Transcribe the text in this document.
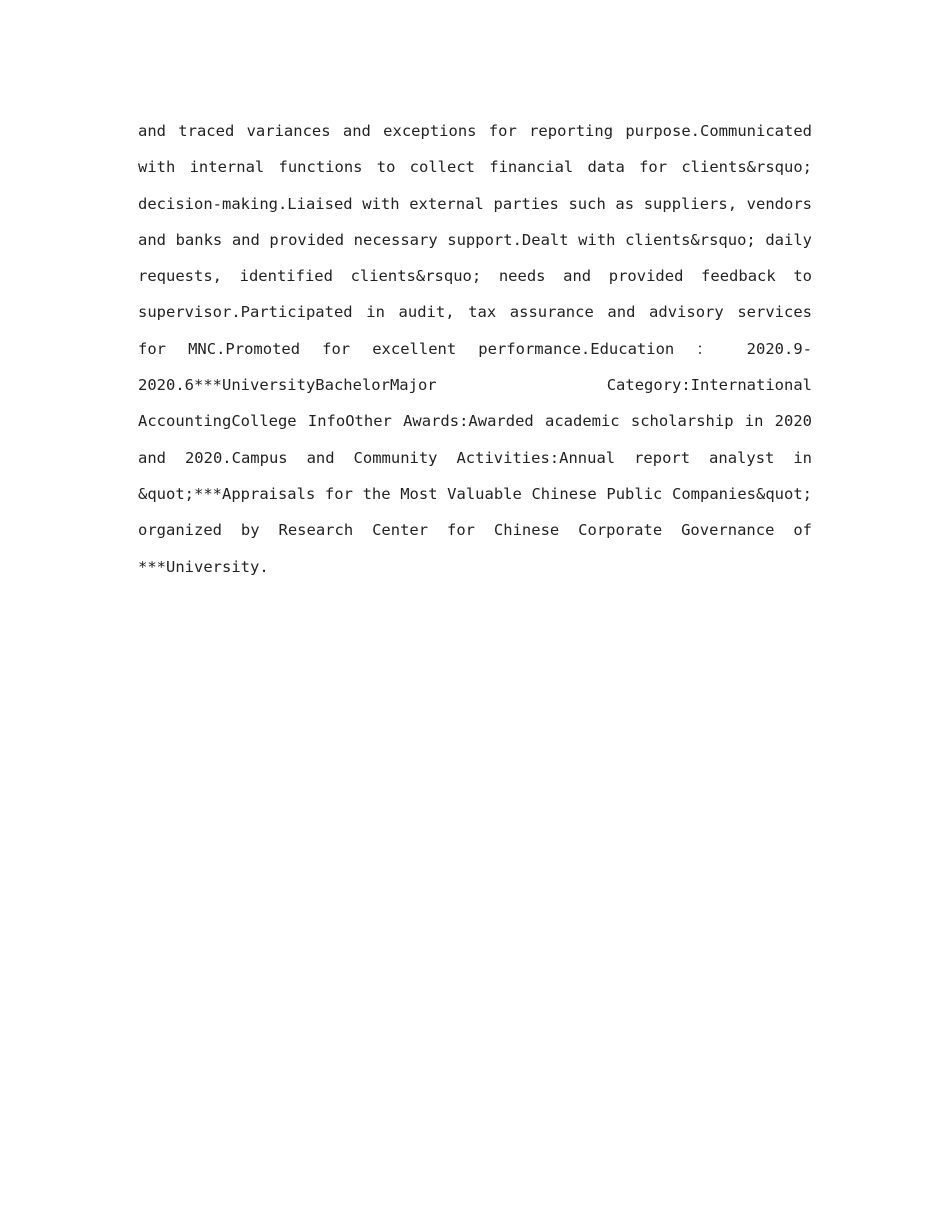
and traced variances and exceptions for reporting purpose.Communicated with internal functions to collect financial data for clients&rsquo; decision-making.Liaised with external parties such as suppliers, vendors and banks and provided necessary support.Dealt with clients&rsquo; daily requests, identified clients&rsquo; needs and provided feedback to supervisor.Participated in audit, tax assurance and advisory services for MNC.Promoted for excellent performance.Education ： 2020.9-2020.6***UniversityBachelorMajor Category:International AccountingCollege InfoOther Awards:Awarded academic scholarship in 2020 and 2020.Campus and Community Activities:Annual report analyst in &quot;***Appraisals for the Most Valuable Chinese Public Companies&quot; organized by Research Center for Chinese Corporate Governance of ***University.
